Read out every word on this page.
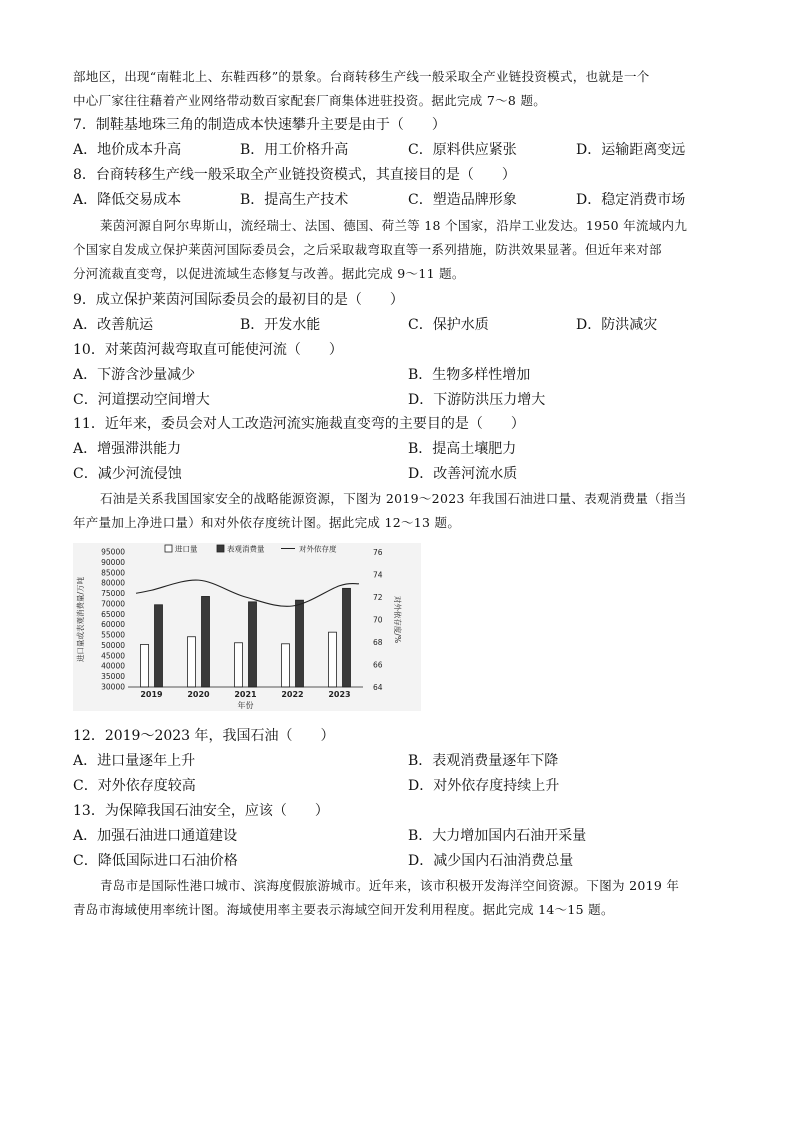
部地区，出现“南鞋北上、东鞋西移”的景象。台商转移生产线一般采取全产业链投资模式，也就是一个
中心厂家往往藉着产业网络带动数百家配套厂商集体进驻投资。据此完成 7～8 题。
7．制鞋基地珠三角的制造成本快速攀升主要是由于（　　）
A．地价成本升高	B．用工价格升高	C．原料供应紧张	D．运输距离变远
8．台商转移生产线一般采取全产业链投资模式，其直接目的是（　　）
A．降低交易成本	B．提高生产技术	C．塑造品牌形象	D．稳定消费市场
莱茵河源自阿尔卑斯山，流经瑞士、法国、德国、荷兰等 18 个国家，沿岸工业发达。1950 年流域内九
个国家自发成立保护莱茵河国际委员会，之后采取裁弯取直等一系列措施，防洪效果显著。但近年来对部
分河流裁直变弯，以促进流域生态修复与改善。据此完成 9～11 题。
9．成立保护莱茵河国际委员会的最初目的是（　　）
A．改善航运	B．开发水能	C．保护水质	D．防洪减灾
10．对莱茵河裁弯取直可能使河流（　　）
A．下游含沙量减少	B．生物多样性增加
C．河道摆动空间增大	D．下游防洪压力增大
11．近年来，委员会对人工改造河流实施裁直变弯的主要目的是（　　）
A．增强滞洪能力	B．提高土壤肥力
C．减少河流侵蚀	D．改善河流水质
石油是关系我国国家安全的战略能源资源，下图为 2019～2023 年我国石油进口量、表观消费量（指当
年产量加上净进口量）和对外依存度统计图。据此完成 12～13 题。
95000
90000
85000
80000
75000
70000
65000
60000
55000
50000
45000
40000
35000
30000
76
74
72
70
68
66
64
2019	2020	2021	2022	2023
进口量	表观消费量	对外依存度
进口量或表观消费量/万吨	对外依存度/%
年份
12．2019～2023 年，我国石油（　　）
A．进口量逐年上升	B．表观消费量逐年下降
C．对外依存度较高	D．对外依存度持续上升
13．为保障我国石油安全，应该（　　）
A．加强石油进口通道建设	B．大力增加国内石油开采量
C．降低国际进口石油价格	D．减少国内石油消费总量
青岛市是国际性港口城市、滨海度假旅游城市。近年来，该市积极开发海洋空间资源。下图为 2019 年
青岛市海域使用率统计图。海域使用率主要表示海域空间开发利用程度。据此完成 14～15 题。
